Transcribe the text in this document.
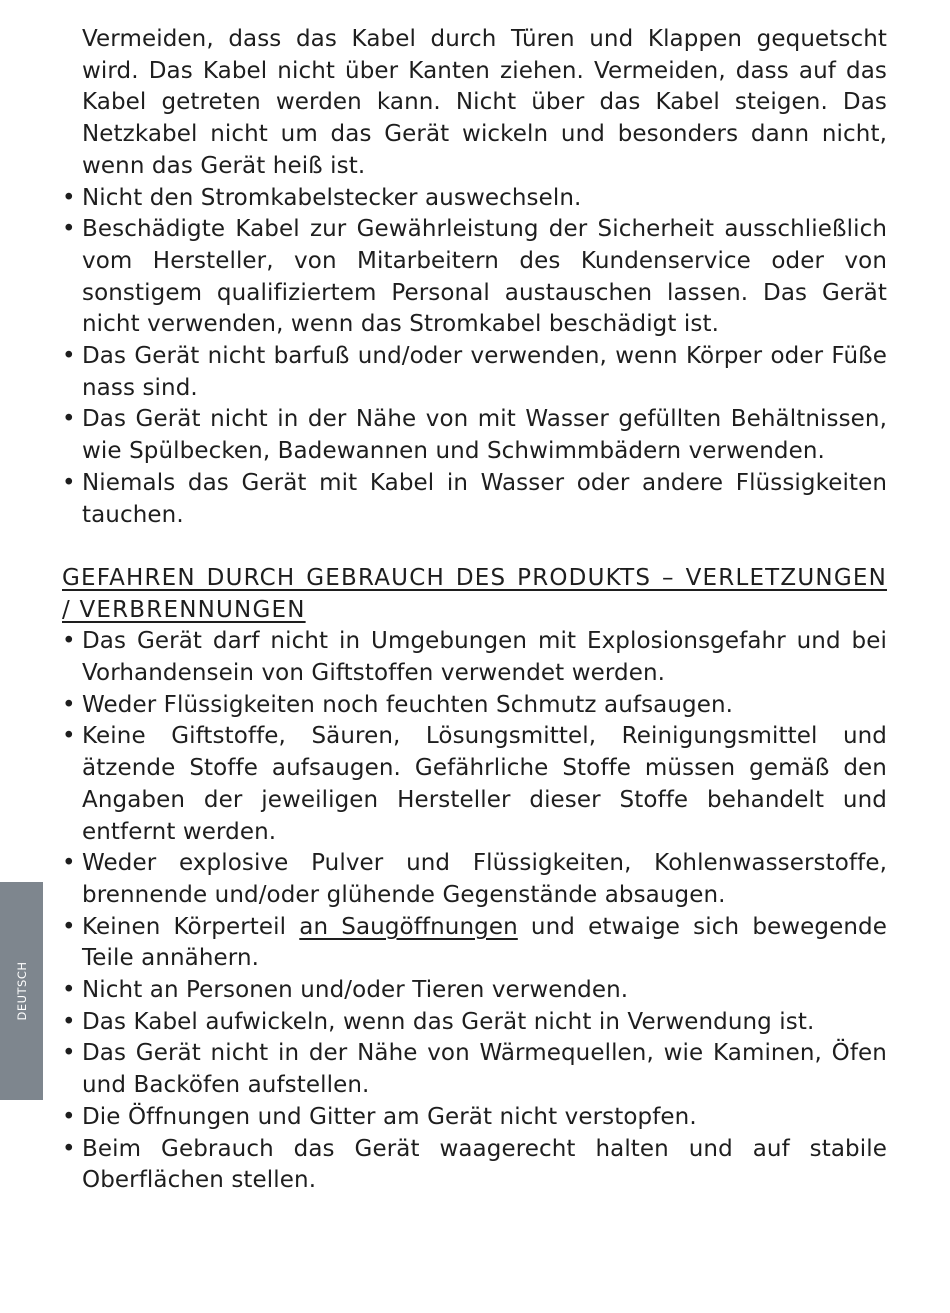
Vermeiden, dass das Kabel durch Türen und Klappen gequetscht wird. Das Kabel nicht über Kanten ziehen. Vermeiden, dass auf das Kabel getreten werden kann. Nicht über das Kabel steigen. Das Netzkabel nicht um das Gerät wickeln und besonders dann nicht, wenn das Gerät heiß ist.

• Nicht den Stromkabelstecker auswechseln.
• Beschädigte Kabel zur Gewährleistung der Sicherheit ausschließlich vom Hersteller, von Mitarbeitern des Kundenservice oder von sonstigem qualifiziertem Personal austauschen lassen. Das Gerät nicht verwenden, wenn das Stromkabel beschädigt ist.
• Das Gerät nicht barfuß und/oder verwenden, wenn Körper oder Füße nass sind.
• Das Gerät nicht in der Nähe von mit Wasser gefüllten Behältnissen, wie Spülbecken, Badewannen und Schwimmbädern verwenden.
• Niemals das Gerät mit Kabel in Wasser oder andere Flüssigkeiten tauchen.
GEFAHREN DURCH GEBRAUCH DES PRODUKTS – VERLETZUNGEN / VERBRENNUNGEN
• Das Gerät darf nicht in Umgebungen mit Explosionsgefahr und bei Vorhandensein von Giftstoffen verwendet werden.
• Weder Flüssigkeiten noch feuchten Schmutz aufsaugen.
• Keine Giftstoffe, Säuren, Lösungsmittel, Reinigungsmittel und ätzende Stoffe aufsaugen. Gefährliche Stoffe müssen gemäß den Angaben der jeweiligen Hersteller dieser Stoffe behandelt und entfernt werden.
• Weder explosive Pulver und Flüssigkeiten, Kohlenwasserstoffe, brennende und/oder glühende Gegenstände absaugen.
• Keinen Körperteil an Saugöffnungen und etwaige sich bewegende Teile annähern.
• Nicht an Personen und/oder Tieren verwenden.
• Das Kabel aufwickeln, wenn das Gerät nicht in Verwendung ist.
• Das Gerät nicht in der Nähe von Wärmequellen, wie Kaminen, Öfen und Backöfen aufstellen.
• Die Öffnungen und Gitter am Gerät nicht verstopfen.
• Beim Gebrauch das Gerät waagerecht halten und auf stabile Oberflächen stellen.
DEUTSCH
